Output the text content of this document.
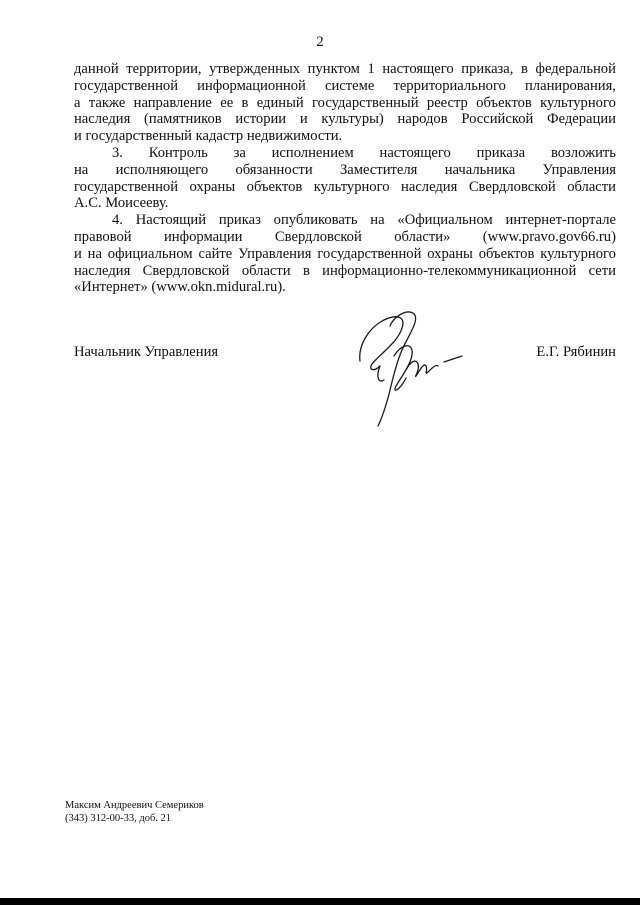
2
данной территории, утвержденных пунктом 1 настоящего приказа, в федеральной
государственной информационной системе территориального планирования,
а также направление ее в единый государственный реестр объектов культурного
наследия (памятников истории и культуры) народов Российской Федерации
и государственный кадастр недвижимости.
3. Контроль за исполнением настоящего приказа возложить
на исполняющего обязанности Заместителя начальника Управления
государственной охраны объектов культурного наследия Свердловской области
А.С. Моисееву.
4. Настоящий приказ опубликовать на «Официальном интернет-портале
правовой информации Свердловской области» (www.pravo.gov66.ru)
и на официальном сайте Управления государственной охраны объектов культурного
наследия Свердловской области в информационно-телекоммуникационной сети
«Интернет» (www.okn.midural.ru).
Начальник Управления	Е.Г. Рябинин
Максим Андреевич Семериков
(343) 312-00-33, доб. 21
